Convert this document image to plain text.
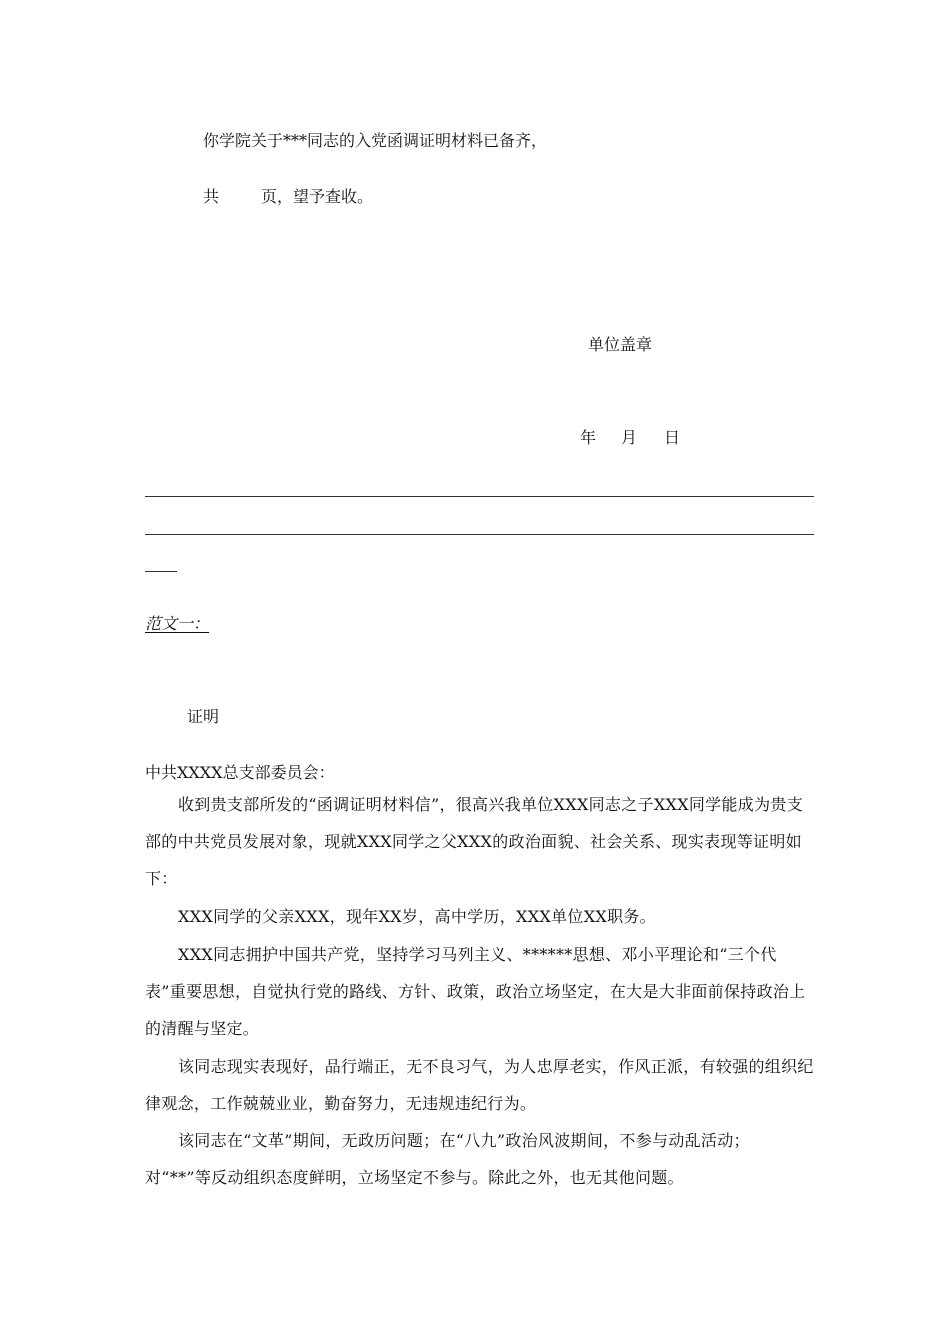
你学院关于***同志的入党函调证明材料已备齐，
共	页，望予查收。
单位盖章
年 月 日
范文一：
证明
中共XXXX总支部委员会：
收到贵支部所发的“函调证明材料信”，很高兴我单位XXX同志之子XXX同学能成为贵支部的中共党员发展对象，现就XXX同学之父XXX的政治面貌、社会关系、现实表现等证明如下：
XXX同学的父亲XXX，现年XX岁，高中学历，XXX单位XX职务。
XXX同志拥护中国共产党，坚持学习马列主义、******思想、邓小平理论和“三个代表”重要思想，自觉执行党的路线、方针、政策，政治立场坚定，在大是大非面前保持政治上的清醒与坚定。
该同志现实表现好，品行端正，无不良习气，为人忠厚老实，作风正派，有较强的组织纪律观念，工作兢兢业业，勤奋努力，无违规违纪行为。
该同志在“文革”期间，无政历问题；在“八九”政治风波期间，不参与动乱活动；对“**”等反动组织态度鲜明，立场坚定不参与。除此之外，也无其他问题。
